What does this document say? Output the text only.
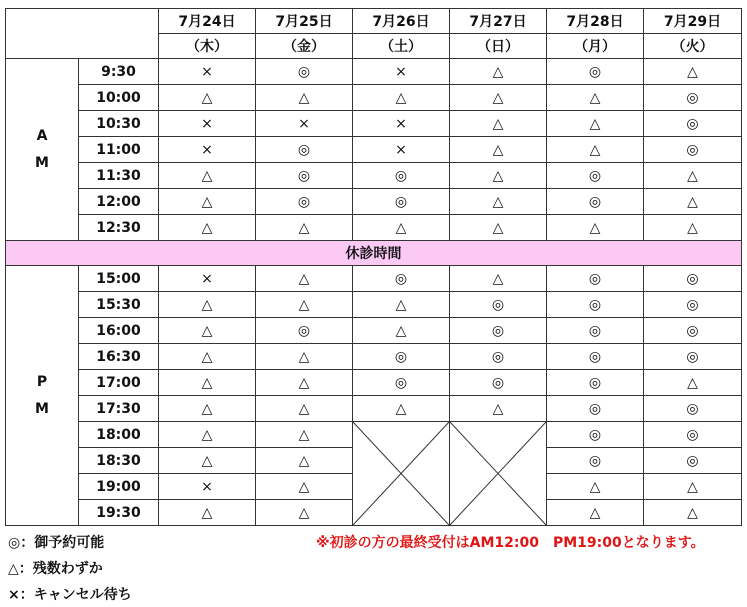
		7月24日	7月25日	7月26日	7月27日	7月28日	7月29日
		（木）	（金）	（土）	（日）	（月）	（火）

A
M	9:30	×	◎	×	△	◎	△
	10:00	△	△	△	△	△	◎
	10:30	×	×	×	△	△	◎
	11:00	×	◎	×	△	△	◎
	11:30	△	◎	◎	△	◎	△
	12:00	△	◎	◎	△	◎	△
	12:30	△	△	△	△	△	△
休診時間							

P
M	15:00	×	△	◎	△	◎	◎
	15:30	△	△	△	◎	◎	◎
	16:00	△	◎	△	◎	◎	◎
	16:30	△	△	◎	◎	◎	◎
	17:00	△	△	◎	◎	◎	△
	17:30	△	△	△	△	◎	◎
	18:00	△	△			◎	◎
	18:30	△	△			◎	◎
	19:00	×	△			△	△
	19:30	△	△			△	△
◎：御予約可能
△：残数わずか
×：キャンセル待ち
※初診の方の最終受付はAM12:00　PM19:00となります。
